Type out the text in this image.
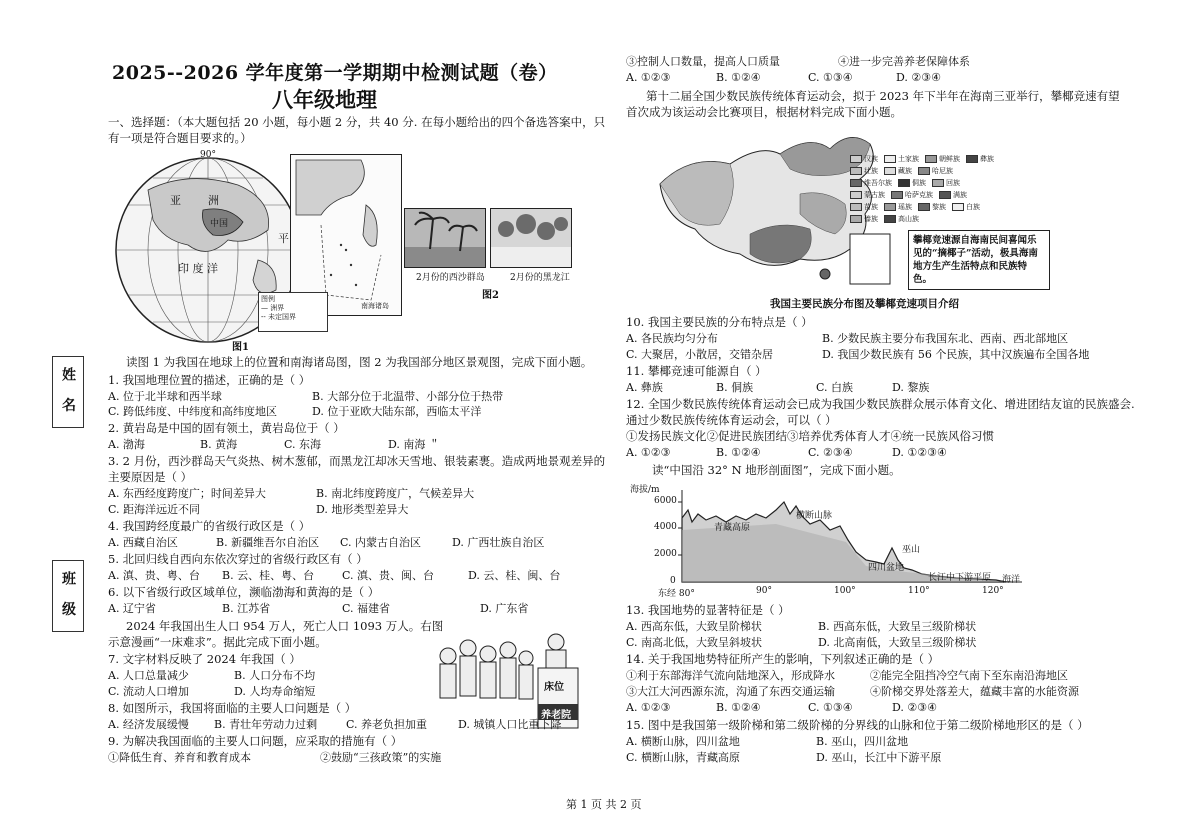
2025--2026 学年度第一学期期中检测试题（卷）
八年级地理
一、选择题：（本大题包括 20 小题，每小题 2 分，共 40 分. 在每小题给出的四个备选答案中，只
有一项是符合题目要求的。）
90°
亚 洲
中国
印 度 洋
平
南海诸岛
图例
— 洲界
-- 未定国界
图1
2月份的西沙群岛	2月份的黑龙江
图2
姓 名
班 级
读图 1 为我国在地球上的位置和南海诸岛图，图 2 为我国部分地区景观图，完成下面小题。
1. 我国地理位置的描述，正确的是（ ）
A. 位于北半球和西半球	B. 大部分位于北温带、小部分位于热带
C. 跨低纬度、中纬度和高纬度地区	D. 位于亚欧大陆东部，西临太平洋
2. 黄岩岛是中国的固有领土，黄岩岛位于（ ）
A. 渤海	B. 黄海	C. 东海	D. 南海 ＂
3. 2 月份，西沙群岛天气炎热、树木葱郁，而黑龙江却冰天雪地、银装素裹。造成两地景观差异的
主要原因是（ ）
A. 东西经度跨度广；时间差异大	B. 南北纬度跨度广，气候差异大
C. 距海洋远近不同	D. 地形类型差异大
4. 我国跨经度最广的省级行政区是（ ）
A. 西藏自治区	B. 新疆维吾尔自治区 C. 内蒙古自治区	D. 广西壮族自治区
5. 北回归线自西向东依次穿过的省级行政区有（ ）
A. 滇、贵、粤、台 B. 云、桂、粤、台	C. 滇、贵、闽、台	D. 云、桂、闽、台
6. 以下省级行政区域单位，濒临渤海和黄海的是（ ）
A. 辽宁省	B. 江苏省	C. 福建省	D. 广东省
2024 年我国出生人口 954 万人，死亡人口 1093 万人。右图
示意漫画“一床难求”。据此完成下面小题。
床位
养老院
7. 文字材料反映了 2024 年我国（ ）
A. 人口总量减少	B. 人口分布不均
C. 流动人口增加	D. 人均寿命缩短
8. 如图所示，我国将面临的主要人口问题是（ ）
A. 经济发展缓慢 B. 青壮年劳动力过剩	C. 养老负担加重	D. 城镇人口比重下降
9. 为解决我国面临的主要人口问题，应采取的措施有（ ）
①降低生育、养育和教育成本	②鼓励“三孩政策”的实施
③控制人口数量，提高人口质量	④进一步完善养老保障体系
A. ①②③	B. ①②④	C. ①③④	D. ②③④
第十二届全国少数民族传统体育运动会，拟于 2023 年下半年在海南三亚举行，攀椰竞速有望
首次成为该运动会比赛项目，根据材料完成下面小题。
汉族	土家族	朝鲜族	彝族
壮族	藏族	哈尼族
维吾尔族	侗族	回族
蒙古族	哈萨克族	满族
苗族	瑶族	黎族	白族
傣族	高山族
攀椰竞速源自海南民间喜闻乐见的“摘椰子”活动，极具海南地方生产生活特点和民族特色。
我国主要民族分布图及攀椰竞速项目介绍
10. 我国主要民族的分布特点是（ ）
A. 各民族均匀分布	B. 少数民族主要分布我国东北、西南、西北部地区
C. 大聚居，小散居，交错杂居	D. 我国少数民族有 56 个民族，其中汉族遍布全国各地
11. 攀椰竞速可能源自（ ）
A. 彝族	B. 侗族	C. 白族	D. 黎族
12. 全国少数民族传统体育运动会已成为我国少数民族群众展示体育文化、增进团结友谊的民族盛会.
通过少数民族传统体育运动会，可以（ ）
①发扬民族文化②促进民族团结③培养优秀体育人才④统一民族风俗习惯
A. ①②③	B. ①②④	C. ②③④	D. ①②③④
读“中国沿 32° N 地形剖面图”，完成下面小题。
海拔/m
6000
4000
2000
0
东经 80°	90°	100°	110°	120°
青藏高原
横断山脉
巫山
四川盆地
长江中下游平原 海洋
13. 我国地势的显著特征是（ ）
A. 西高东低，大致呈阶梯状	B. 西高东低，大致呈三级阶梯状
C. 南高北低，大致呈斜坡状	D. 北高南低，大致呈三级阶梯状
14. 关于我国地势特征所产生的影响，下列叙述正确的是（ ）
①利于东部海洋气流向陆地深入，形成降水	②能完全阻挡冷空气南下至东南沿海地区
③大江大河西源东流，沟通了东西交通运输	④阶梯交界处落差大，蕴藏丰富的水能资源
A. ①②③	B. ①②④	C. ①③④	D. ②③④
15. 图中是我国第一级阶梯和第二级阶梯的分界线的山脉和位于第二级阶梯地形区的是（ ）
A. 横断山脉，四川盆地	B. 巫山，四川盆地
C. 横断山脉，青藏高原	D. 巫山，长江中下游平原
第 1 页 共 2 页
